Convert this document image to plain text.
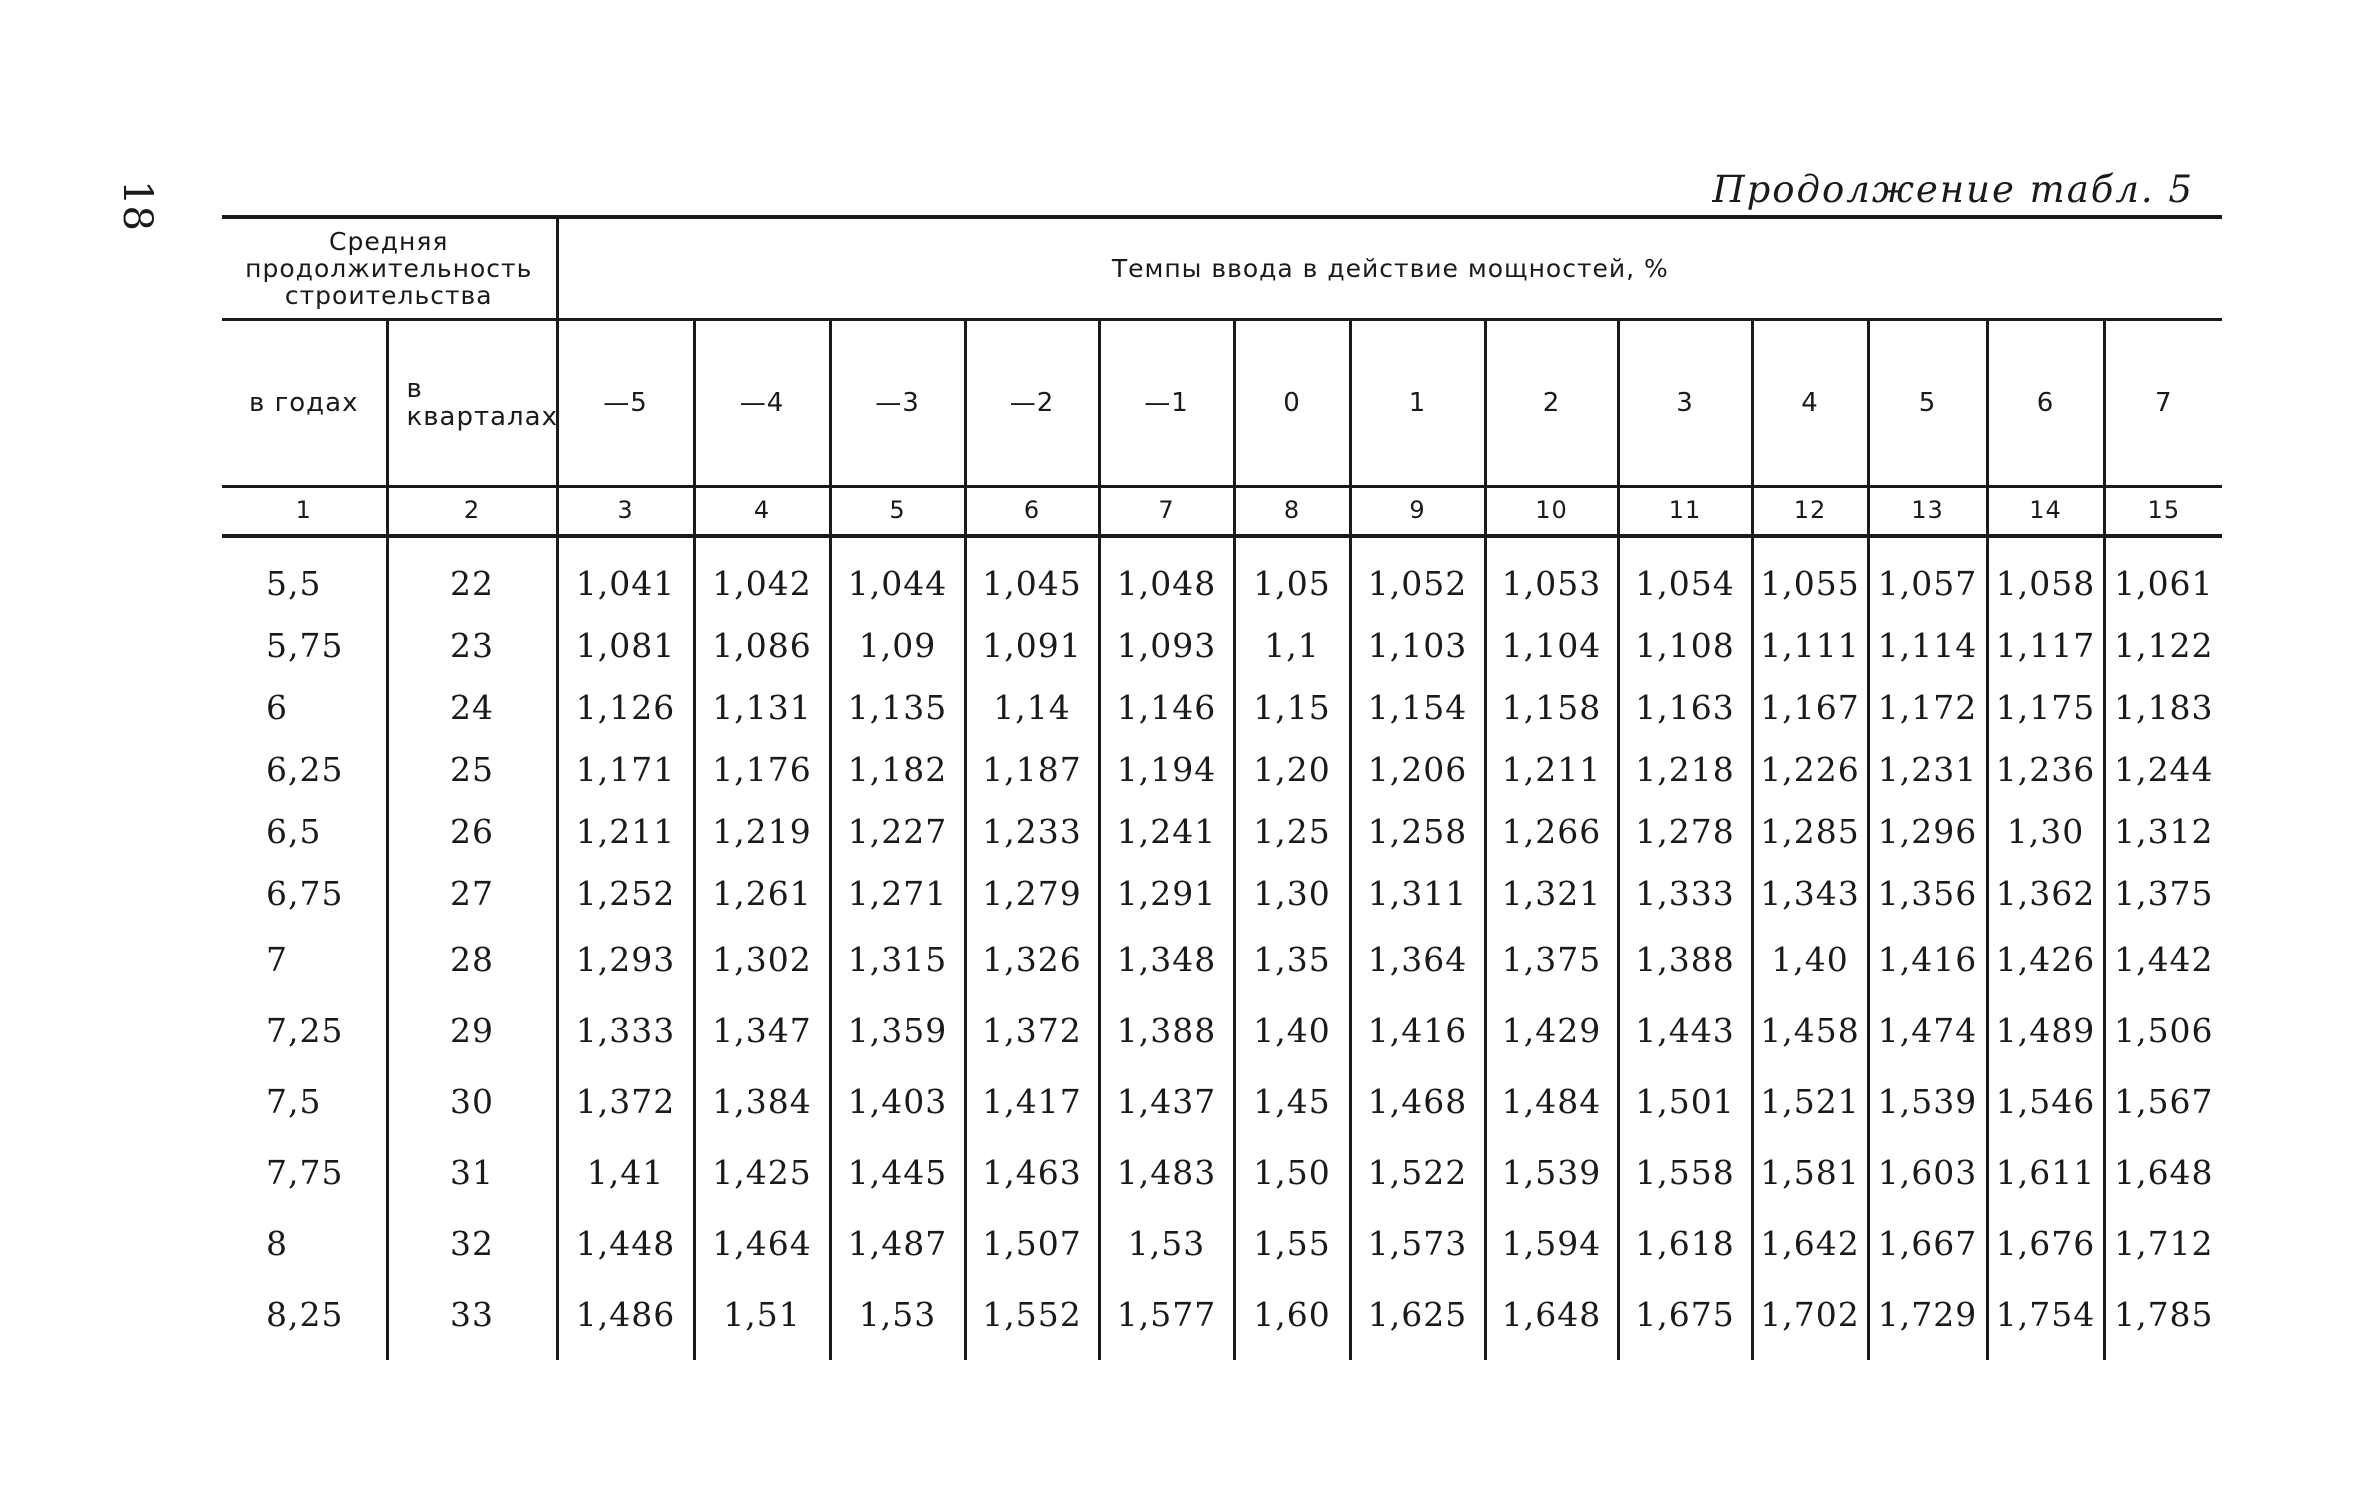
18	Продолжение табл. 5
Средняя продолжительность строительства		Темпы ввода в действие мощностей, %												
в годах	в кварталах	—5	—4	—3	—2	—1	0	1	2	3	4	5	6	7
1	2	3	4	5	6	7	8	9	10	11	12	13	14	15
5,5	22	1,041	1,042	1,044	1,045	1,048	1,05	1,052	1,053	1,054	1,055	1,057	1,058	1,061
5,75	23	1,081	1,086	1,09	1,091	1,093	1,1	1,103	1,104	1,108	1,111	1,114	1,117	1,122
6	24	1,126	1,131	1,135	1,14	1,146	1,15	1,154	1,158	1,163	1,167	1,172	1,175	1,183
6,25	25	1,171	1,176	1,182	1,187	1,194	1,20	1,206	1,211	1,218	1,226	1,231	1,236	1,244
6,5	26	1,211	1,219	1,227	1,233	1,241	1,25	1,258	1,266	1,278	1,285	1,296	1,30	1,312
6,75	27	1,252	1,261	1,271	1,279	1,291	1,30	1,311	1,321	1,333	1,343	1,356	1,362	1,375
7	28	1,293	1,302	1,315	1,326	1,348	1,35	1,364	1,375	1,388	1,40	1,416	1,426	1,442
7,25	29	1,333	1,347	1,359	1,372	1,388	1,40	1,416	1,429	1,443	1,458	1,474	1,489	1,506
7,5	30	1,372	1,384	1,403	1,417	1,437	1,45	1,468	1,484	1,501	1,521	1,539	1,546	1,567
7,75	31	1,41	1,425	1,445	1,463	1,483	1,50	1,522	1,539	1,558	1,581	1,603	1,611	1,648
8	32	1,448	1,464	1,487	1,507	1,53	1,55	1,573	1,594	1,618	1,642	1,667	1,676	1,712
8,25	33	1,486	1,51	1,53	1,552	1,577	1,60	1,625	1,648	1,675	1,702	1,729	1,754	1,785
